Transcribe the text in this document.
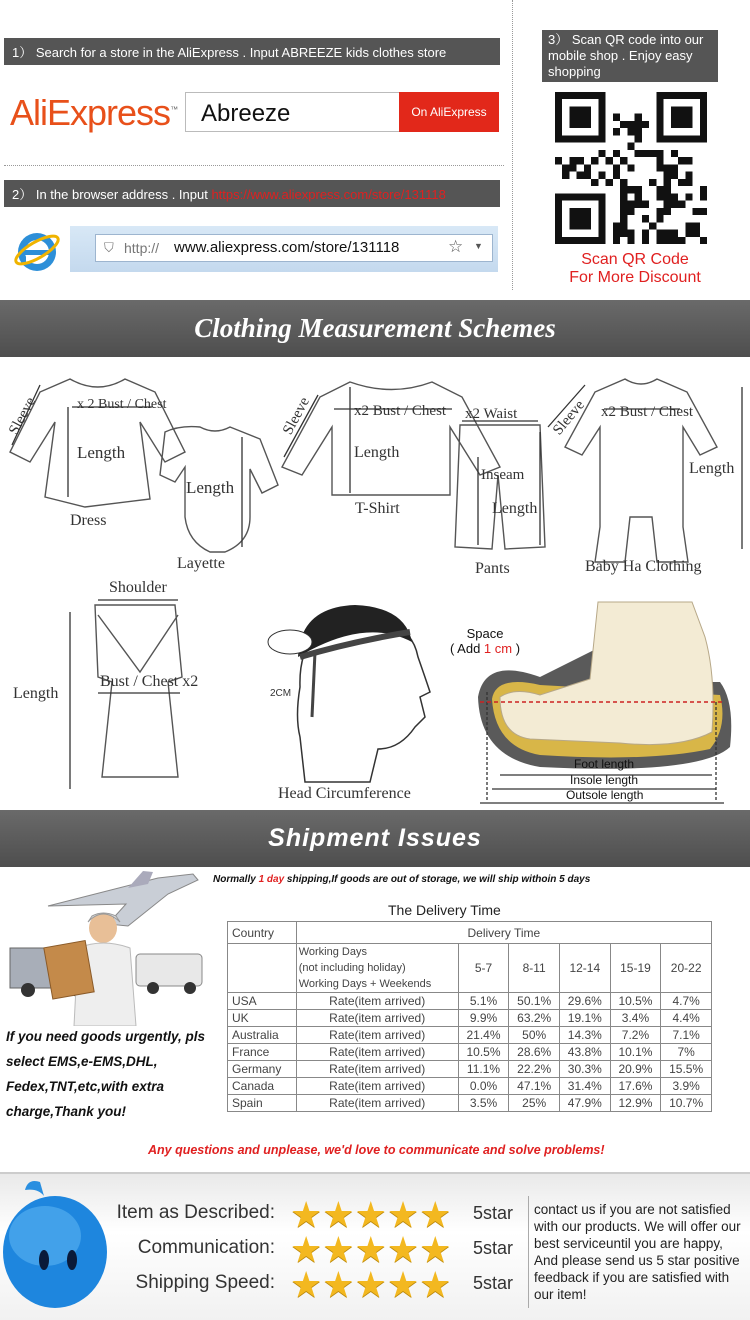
1） Search for a store in the AliExpress . Input ABREEZE kids clothes store
AliExpress™ Abreeze	On AliExpress
2） In the browser address . Input https://www.aliexpress.com/store/131118
⛉ http:// www.aliexpress.com/store/131118	☆ ▼
3） Scan QR code into our mobile shop . Enjoy easy shopping
Scan QR Code
For More Discount
Clothing Measurement Schemes
Sleeve	x 2 Bust / Chest
Length
Dress
Length
Layette
Sleeve	x2 Bust / Chest
Length
T-Shirt
x2 Waist
Inseam
Length
Pants
Sleeve x2 Bust / Chest
Length
Baby Ha Clothing
Shoulder
Length
Bust / Chest x2
2CM
Head Circumference
Space
( Add 1 cm )
Foot length
Insole length
Outsole length
Shipment Issues
Normally 1 day shipping,If goods are out of storage, we will ship withoin 5 days
If you need goods urgently, pls select EMS,e-EMS,DHL, Fedex,TNT,etc,with extra charge,Thank you!
The Delivery Time
Country	Delivery Time					

	Working Days
(not including holiday)
Working Days + Weekends	5-7	8-11	12-14	15-19	20-22
USA	Rate(item arrived)	5.1%	50.1%	29.6%	10.5%	4.7%
UK	Rate(item arrived)	9.9%	63.2%	19.1%	3.4%	4.4%
Australia	Rate(item arrived)	21.4%	50%	14.3%	7.2%	7.1%
France	Rate(item arrived)	10.5%	28.6%	43.8%	10.1%	7%
Germany	Rate(item arrived)	11.1%	22.2%	30.3%	20.9%	15.5%
Canada	Rate(item arrived)	0.0%	47.1%	31.4%	17.6%	3.9%
Spain	Rate(item arrived)	3.5%	25%	47.9%	12.9%	10.7%
Any questions and unplease, we'd love to communicate and solve problems!
Item as Described: ★★★★★ 5star
Communication: ★★★★★ 5star
Shipping Speed: ★★★★★ 5star
contact us if you are not satisfied with our products. We will offer our best serviceuntil you are happy, And please send us 5 star positive feedback if you are satisfied with our item!
